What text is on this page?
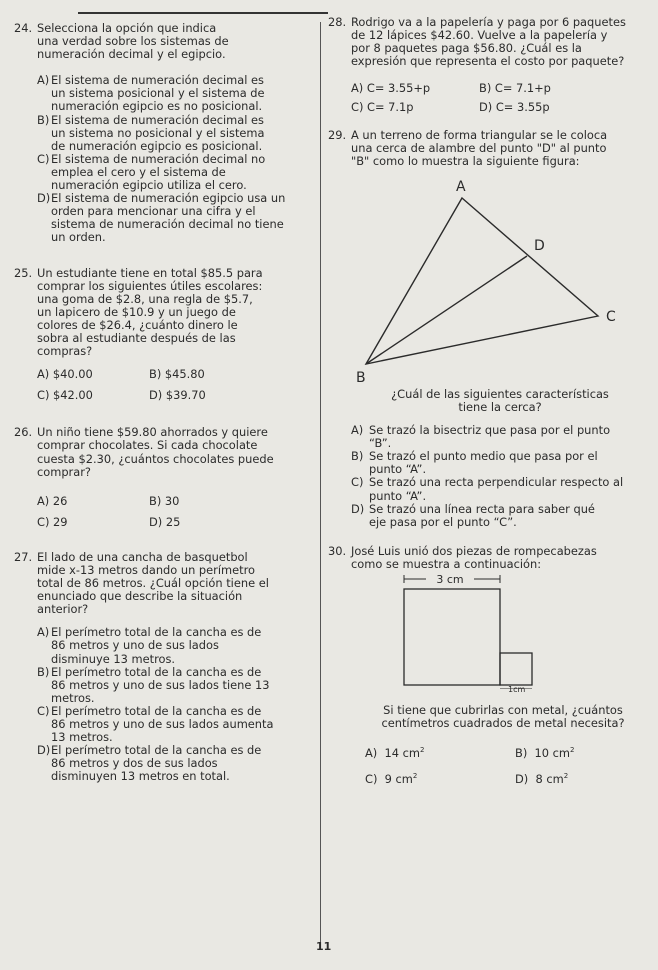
24. Selecciona la opción que indica una verdad sobre los sistemas de numeración decimal y el egipcio.
A) El sistema de numeración decimal es un sistema posicional y el sistema de numeración egipcio es no posicional.
B) El sistema de numeración decimal es un sistema no posicional y el sistema de numeración egipcio es posicional.
C) El sistema de numeración decimal no emplea el cero y el sistema de numeración egipcio utiliza el cero.
D) El sistema de numeración egipcio usa un orden para mencionar una cifra y el sistema de numeración decimal no tiene un orden.
25. Un estudiante tiene en total $85.5 para comprar los siguientes útiles escolares: una goma de $2.8, una regla de $5.7, un lapicero de $10.9 y un juego de colores de $26.4, ¿cuánto dinero le sobra al estudiante después de las compras?
A) $40.00	B) $45.80
C) $42.00	D) $39.70
26. Un niño tiene $59.80 ahorrados y quiere comprar chocolates. Si cada chocolate cuesta $2.30, ¿cuántos chocolates puede comprar?
A) 26	B) 30
C) 29	D) 25
27. El lado de una cancha de basquetbol mide x-13 metros dando un perímetro total de 86 metros. ¿Cuál opción tiene el enunciado que describe la situación anterior?
A) El perímetro total de la cancha es de 86 metros y uno de sus lados disminuye 13 metros.
B) El perímetro total de la cancha es de 86 metros y uno de sus lados tiene 13 metros.
C) El perímetro total de la cancha es de 86 metros y uno de sus lados aumenta 13 metros.
D) El perímetro total de la cancha es de 86 metros y dos de sus lados disminuyen 13 metros en total.
28. Rodrigo va a la papelería y paga por 6 paquetes de 12 lápices $42.60. Vuelve a la papelería y por 8 paquetes paga $56.80. ¿Cuál es la expresión que representa el costo por paquete?
A) C= 3.55+p	B) C= 7.1+p
C) C= 7.1p	D) C= 3.55p
29. A un terreno de forma triangular se le coloca una cerca de alambre del punto "D" al punto "B" como lo muestra la siguiente figura:
A
D
C
B
¿Cuál de las siguientes características tiene la cerca?
A) Se trazó la bisectriz que pasa por el punto “B”.
B) Se trazó el punto medio que pasa por el punto “A”.
C) Se trazó una recta perpendicular respecto al punto “A”.
D) Se trazó una línea recta para saber qué eje pasa por el punto “C”.
30. José Luis unió dos piezas de rompecabezas como se muestra a continuación:
3 cm
1cm
Si tiene que cubrirlas con metal, ¿cuántos centímetros cuadrados de metal necesita?
A) 14 $cm^2$	B) 10 $cm^2$
C) 9 $cm^2$	D) 8 $cm^2$
11
